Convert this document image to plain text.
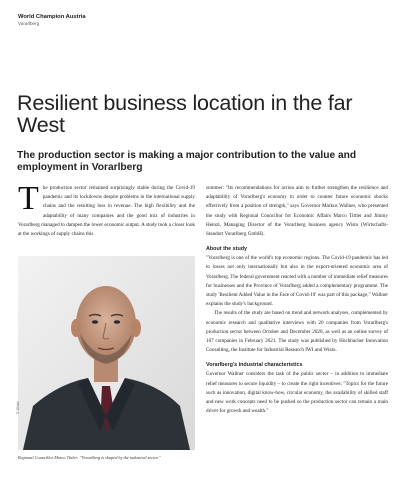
World Champion Austria
Vorarlberg
Resilient business location in the far West
The production sector is making a major contribution to the value and employment in Vorarlberg
T he production sector remained surprisingly stable during the Covid-19 pandemic and its lockdowns despite problems in the international supply chains and the resulting loss in revenue. The high flexibility and the adaptability of many companies and the good mix of industries in Vorarlberg managed to dampen the lower economic output. A study took a closer look at the workings of supply chains this

© Wisto
Regional Councillor Marco Tittler: "Vorarlberg is shaped by the industrial sector."

summer: "Its recommendations for action aim to further strengthen the resilience and adaptability of Vorarlberg's economy in order to counter future economic shocks effectively from a position of strength," says Governor Markus Wallner, who presented the study with Regional Councillor for Economic Affairs Marco Tittler and Jimmy Heinzl, Managing Director of the Vorarlberg business agency Wisto (Wirtschafts-Standort Vorarlberg GmbH).

About the study

"Vorarlberg is one of the world's top economic regions. The Covid-19 pandemic has led to losses not only internationally but also in the export-oriented economic area of Vorarlberg. The federal government reacted with a number of immediate relief measures for businesses and the Province of Vorarlberg added a complementary programme. The study 'Resilient Added Value in the Face of Covid-19' was part of this package," Wallner explains the study's background.

The results of the study are based on trend and network analyses, complemented by economic research and qualitative interviews with 20 companies from Vorarlberg's production sector between October and December 2020, as well as an online survey of 107 companies in February 2021. The study was published by Höchbacher Innovation Consulting, the Institute for Industrial Research IWI and Wisto.

Vorarlberg's industrial characteristics

Governor Wallner considers the task of the public sector – in addition to immediate relief measures to secure liquidity – to create the right incentives: "Topics for the future such as innovation, digital know-how, circular economy, the availability of skilled staff and new work concepts need to be pushed so the production sector can remain a main driver for growth and wealth."
